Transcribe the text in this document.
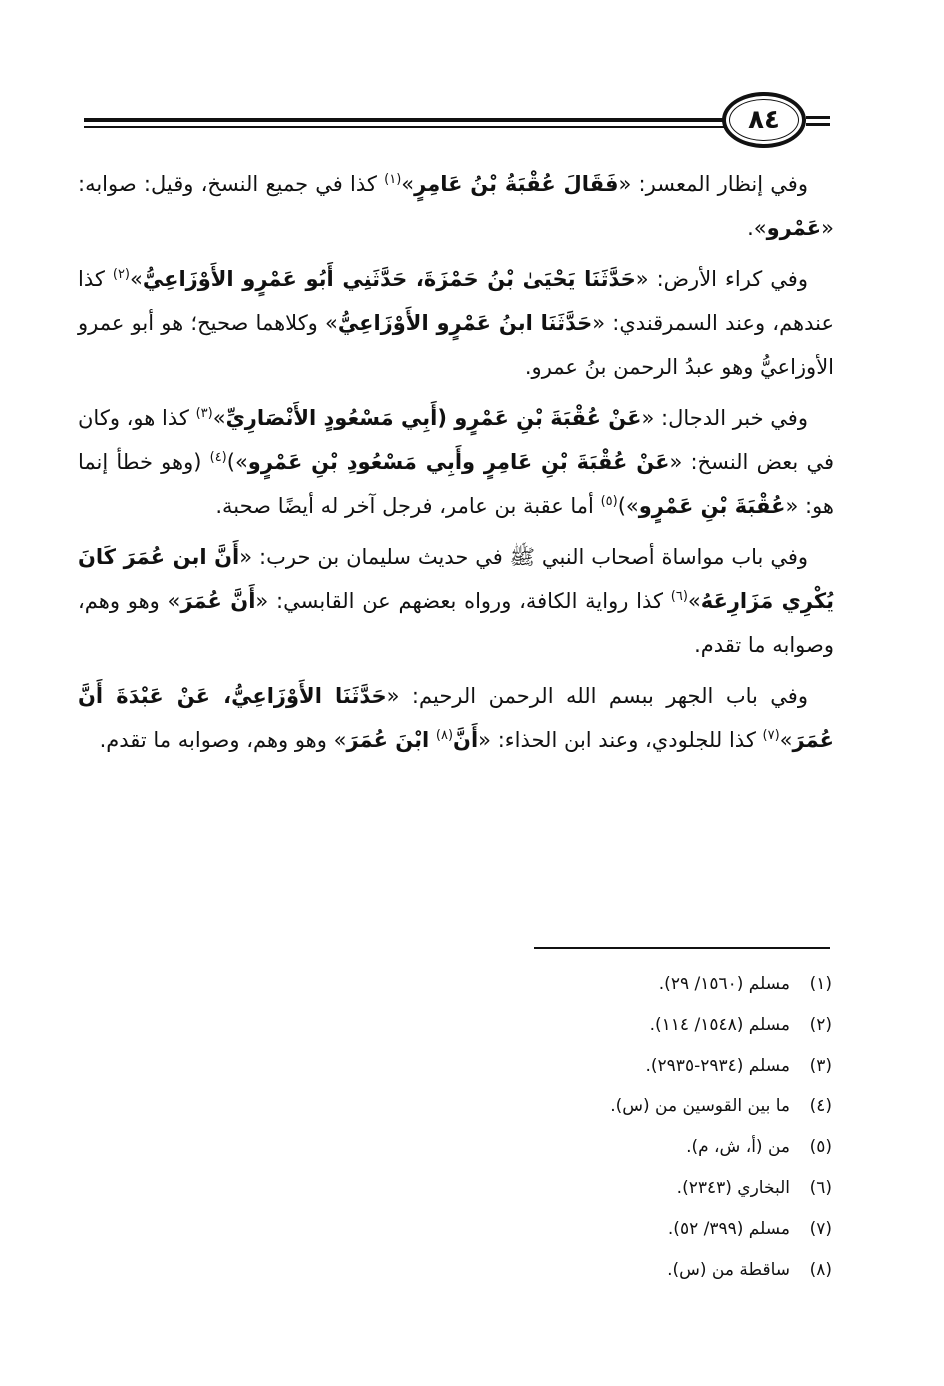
٨٤

وفي إنظار المعسر: «فَقَالَ عُقْبَةُ بْنُ عَامِرٍ»$^{(١)}$ كذا في جميع النسخ، وقيل: صوابه: «عَمْرو».

وفي كراء الأرض: «حَدَّثَنَا يَحْيَىٰ بْنُ حَمْزَةَ، حَدَّثَنِي أَبُو عَمْرٍو الأَوْزَاعِيُّ»$^{(٢)}$ كذا عندهم، وعند السمرقندي: «حَدَّثَنَا ابنُ عَمْرٍو الأَوْزَاعِيُّ» وكلاهما صحيح؛ هو أبو عمرو الأوزاعيُّ وهو عبدُ الرحمن بنُ عمرو.

وفي خبر الدجال: «عَنْ عُقْبَةَ بْنِ عَمْرٍو (أَبِي مَسْعُودٍ الأَنْصَارِيِّ»$^{(٣)}$ كذا هو، وكان في بعض النسخ: «عَنْ عُقْبَةَ بْنِ عَامِرٍ وأَبِي مَسْعُودِ بْنِ عَمْرٍو»)$^{(٤)}$ (وهو خطأ إنما هو: «عُقْبَةَ بْنِ عَمْرٍو»)$^{(٥)}$ أما عقبة بن عامر، فرجل آخر له أيضًا صحبة.

وفي باب مواساة أصحاب النبي ﷺ في حديث سليمان بن حرب: «أَنَّ ابن عُمَرَ كَانَ يُكْرِي مَزَارِعَهُ»$^{(٦)}$ كذا رواية الكافة، ورواه بعضهم عن القابسي: «أَنَّ عُمَرَ» وهو وهم، وصوابه ما تقدم.

وفي باب الجهر ببسم الله الرحمن الرحيم: «حَدَّثَنَا الأَوْزَاعِيُّ، عَنْ عَبْدَةَ أَنَّ عُمَرَ»$^{(٧)}$ كذا للجلودي، وعند ابن الحذاء: «أَنَّ$^{(٨)}$ ابْنَ عُمَرَ» وهو وهم، وصوابه ما تقدم.

(١)مسلم (١٥٦٠/ ٢٩).
(٢)مسلم (١٥٤٨/ ١١٤).
(٣)مسلم (٢٩٣٤-٢٩٣٥).
(٤)ما بين القوسين من (س).
(٥)من (أ، ش، م).
(٦)البخاري (٢٣٤٣).
(٧)مسلم (٣٩٩/ ٥٢).
(٨)ساقطة من (س).
